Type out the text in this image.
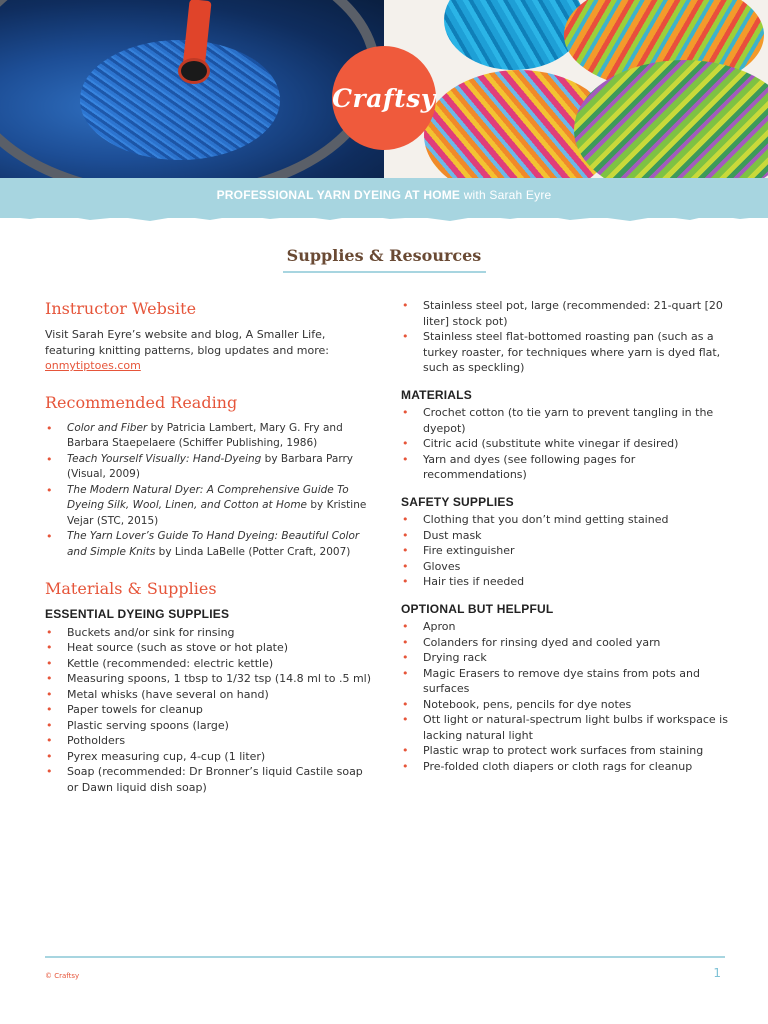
Craftsy
PROFESSIONAL YARN DYEING AT HOME with Sarah Eyre
Supplies & Resources
Instructor Website

Visit Sarah Eyre’s website and blog, A Smaller Life, featuring knitting patterns, blog updates and more:
onmytiptoes.com

Recommended Reading
• Color and Fiber by Patricia Lambert, Mary G. Fry and Barbara Staepelaere (Schiffer Publishing, 1986)
• Teach Yourself Visually: Hand-Dyeing by Barbara Parry (Visual, 2009)
• The Modern Natural Dyer: A Comprehensive Guide To Dyeing Silk, Wool, Linen, and Cotton at Home by Kristine Vejar (STC, 2015)
• The Yarn Lover’s Guide To Hand Dyeing: Beautiful Color and Simple Knits by Linda LaBelle (Potter Craft, 2007)
Materials & Supplies
ESSENTIAL DYEING SUPPLIES
• Buckets and/or sink for rinsing
• Heat source (such as stove or hot plate)
• Kettle (recommended: electric kettle)
• Measuring spoons, 1 tbsp to 1/32 tsp (14.8 ml to .5 ml)
• Metal whisks (have several on hand)
• Paper towels for cleanup
• Plastic serving spoons (large)
• Potholders
• Pyrex measuring cup, 4-cup (1 liter)
• Soap (recommended: Dr Bronner’s liquid Castile soap or Dawn liquid dish soap)
• Stainless steel pot, large (recommended: 21-quart [20 liter] stock pot)
• Stainless steel flat-bottomed roasting pan (such as a turkey roaster, for techniques where yarn is dyed flat, such as speckling)
MATERIALS
• Crochet cotton (to tie yarn to prevent tangling in the dyepot)
• Citric acid (substitute white vinegar if desired)
• Yarn and dyes (see following pages for recommendations)
SAFETY SUPPLIES
• Clothing that you don’t mind getting stained
• Dust mask
• Fire extinguisher
• Gloves
• Hair ties if needed
OPTIONAL BUT HELPFUL
• Apron
• Colanders for rinsing dyed and cooled yarn
• Drying rack
• Magic Erasers to remove dye stains from pots and surfaces
• Notebook, pens, pencils for dye notes
• Ott light or natural-spectrum light bulbs if workspace is lacking natural light
• Plastic wrap to protect work surfaces from staining
• Pre-folded cloth diapers or cloth rags for cleanup
© Craftsy	1
